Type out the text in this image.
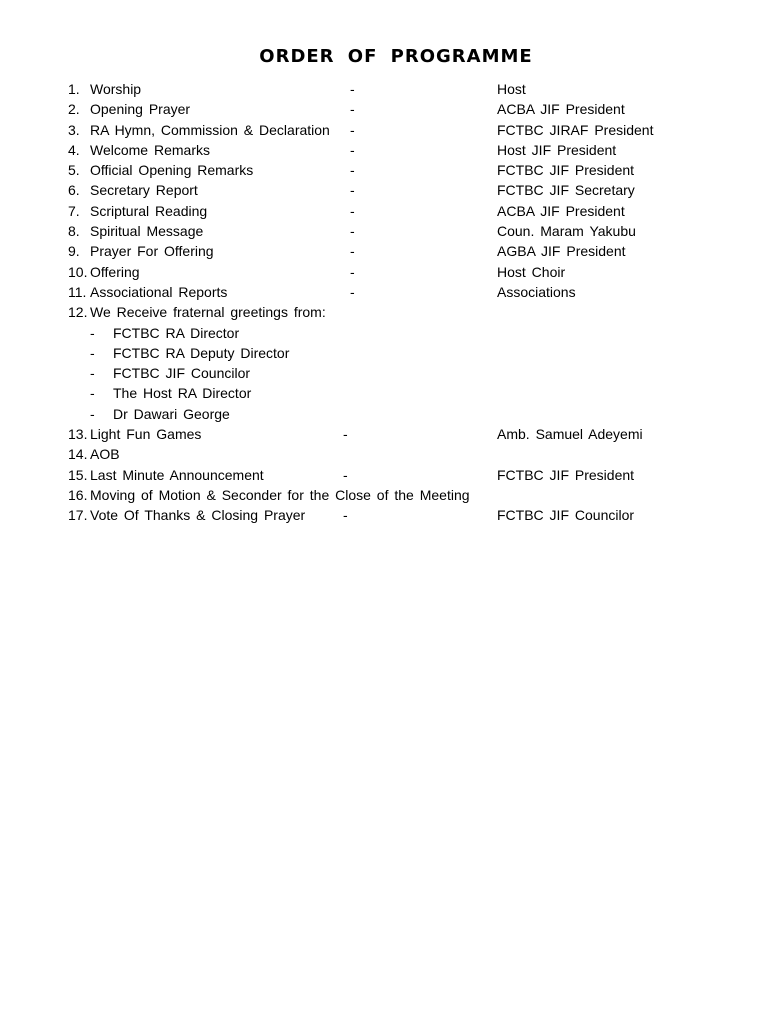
ORDER OF PROGRAMME
1. Worship	-	Host
2. Opening Prayer	-	ACBA JIF President
3. RA Hymn, Commission & Declaration -	FCTBC JIRAF President
4. Welcome Remarks	-	Host JIF President
5. Official Opening Remarks	-	FCTBC JIF President
6. Secretary Report	-	FCTBC JIF Secretary
7. Scriptural Reading	-	ACBA JIF President
8. Spiritual Message	-	Coun. Maram Yakubu
9. Prayer For Offering	-	AGBA JIF President
10. Offering	-	Host Choir
11. Associational Reports	-	Associations
12. We Receive fraternal greetings from:
- FCTBC RA Director
- FCTBC RA Deputy Director
- FCTBC JIF Councilor
- The Host RA Director
- Dr Dawari George
13. Light Fun Games	-	Amb. Samuel Adeyemi
14. AOB
15. Last Minute Announcement	-	FCTBC JIF President
16. Moving of Motion & Seconder for the Close of the Meeting
17. Vote Of Thanks & Closing Prayer	-	FCTBC JIF Councilor
